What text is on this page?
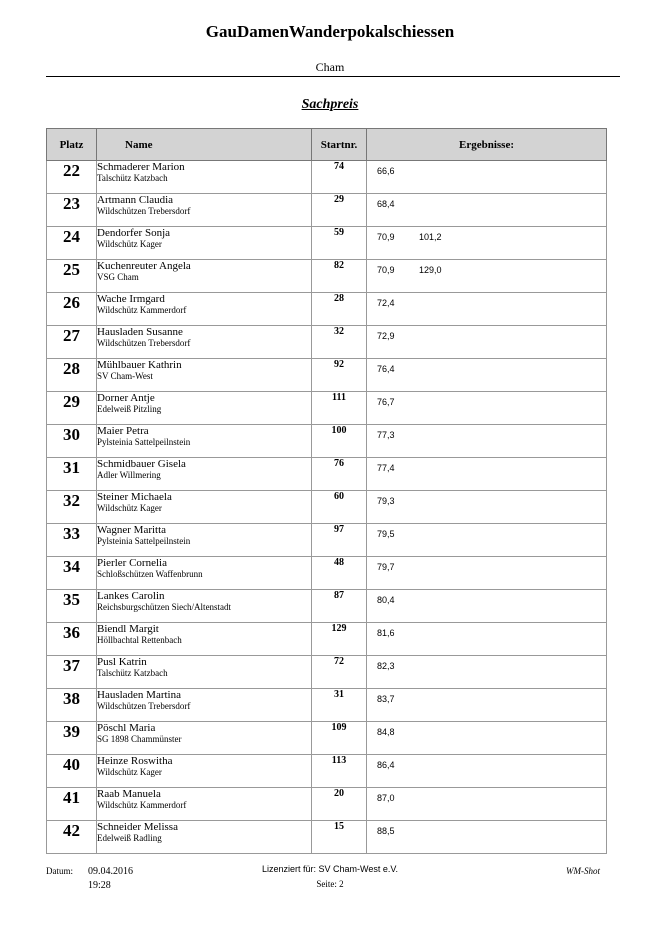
GauDamenWanderpokalschiessen
Cham
Sachpreis
Platz	Name	Startnr.	Ergebnisse:
22	Schmaderer Marion
Talschütz Katzbach	74	66,6
23	Artmann Claudia
Wildschützen Trebersdorf	29	68,4
24	Dendorfer Sonja
Wildschütz Kager	59	70,9 101,2
25	Kuchenreuter Angela
VSG Cham	82	70,9 129,0
26	Wache Irmgard
Wildschütz Kammerdorf	28	72,4
27	Hausladen Susanne
Wildschützen Trebersdorf	32	72,9
28	Mühlbauer Kathrin
SV Cham-West	92	76,4
29	Dorner Antje
Edelweiß Pitzling	111	76,7
30	Maier Petra
Pylsteinia Sattelpeilnstein	100	77,3
31	Schmidbauer Gisela
Adler Willmering	76	77,4
32	Steiner Michaela
Wildschütz Kager	60	79,3
33	Wagner Maritta
Pylsteinia Sattelpeilnstein	97	79,5
34	Pierler Cornelia
Schloßschützen Waffenbrunn	48	79,7
35	Lankes Carolin
Reichsburgschützen Siech/Altenstadt	87	80,4
36	Biendl Margit
Höllbachtal Rettenbach	129	81,6
37	Pusl Katrin
Talschütz Katzbach	72	82,3
38	Hausladen Martina
Wildschützen Trebersdorf	31	83,7
39	Pöschl Maria
SG 1898 Chammünster	109	84,8
40	Heinze Roswitha
Wildschütz Kager	113	86,4
41	Raab Manuela
Wildschütz Kammerdorf	20	87,0
42	Schneider Melissa
Edelweiß Radling	15	88,5
Datum: 09.04.2016
19:28
Lizenziert für: SV Cham-West e.V.
Seite: 2
WM-Shot
